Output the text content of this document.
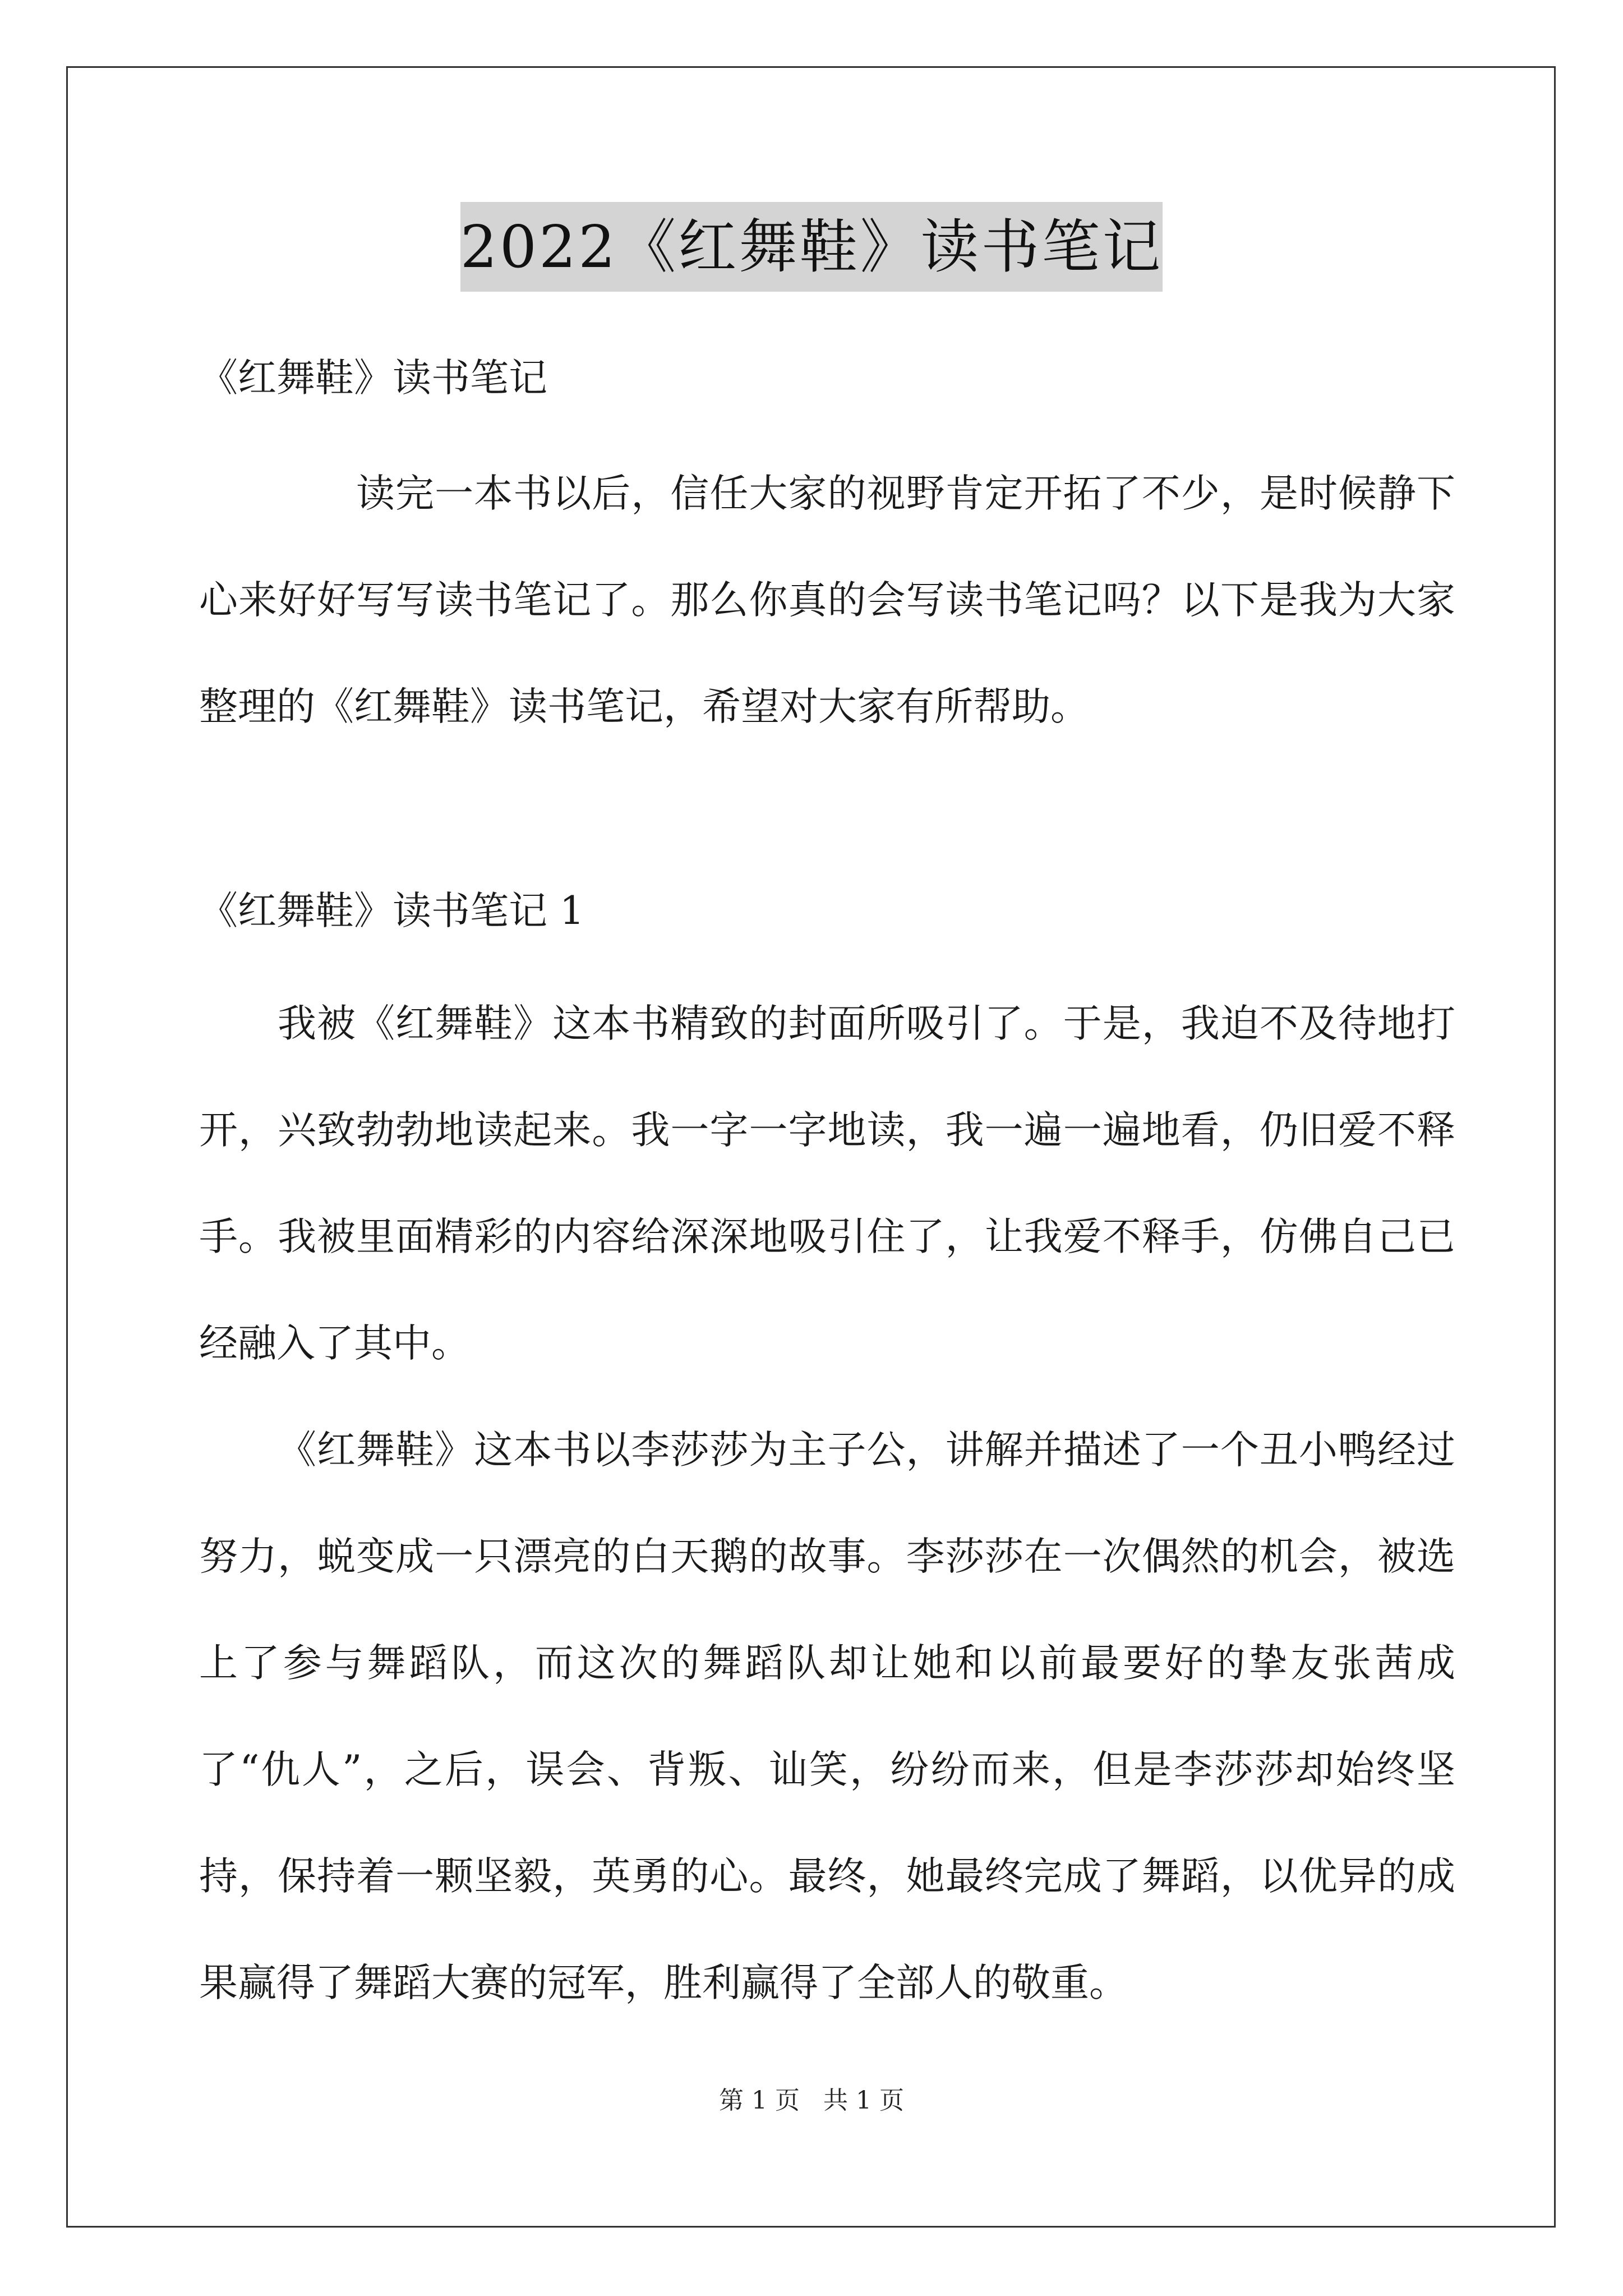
2022《红舞鞋》读书笔记

《红舞鞋》读书笔记

读完一本书以后，信任大家的视野肯定开拓了不少，是时候静下心来好好写写读书笔记了。那么你真的会写读书笔记吗？以下是我为大家整理的《红舞鞋》读书笔记，希望对大家有所帮助。

《红舞鞋》读书笔记 1

我被《红舞鞋》这本书精致的封面所吸引了。于是，我迫不及待地打开，兴致勃勃地读起来。我一字一字地读，我一遍一遍地看，仍旧爱不释手。我被里面精彩的内容给深深地吸引住了，让我爱不释手，仿佛自己已经融入了其中。

《红舞鞋》这本书以李莎莎为主子公，讲解并描述了一个丑小鸭经过努力，蜕变成一只漂亮的白天鹅的故事。李莎莎在一次偶然的机会，被选上了参与舞蹈队，而这次的舞蹈队却让她和以前最要好的挚友张茜成了“仇人”，之后，误会、背叛、讪笑，纷纷而来，但是李莎莎却始终坚持，保持着一颗坚毅，英勇的心。最终，她最终完成了舞蹈，以优异的成果赢得了舞蹈大赛的冠军，胜利赢得了全部人的敬重。

第 1 页 共 1 页
